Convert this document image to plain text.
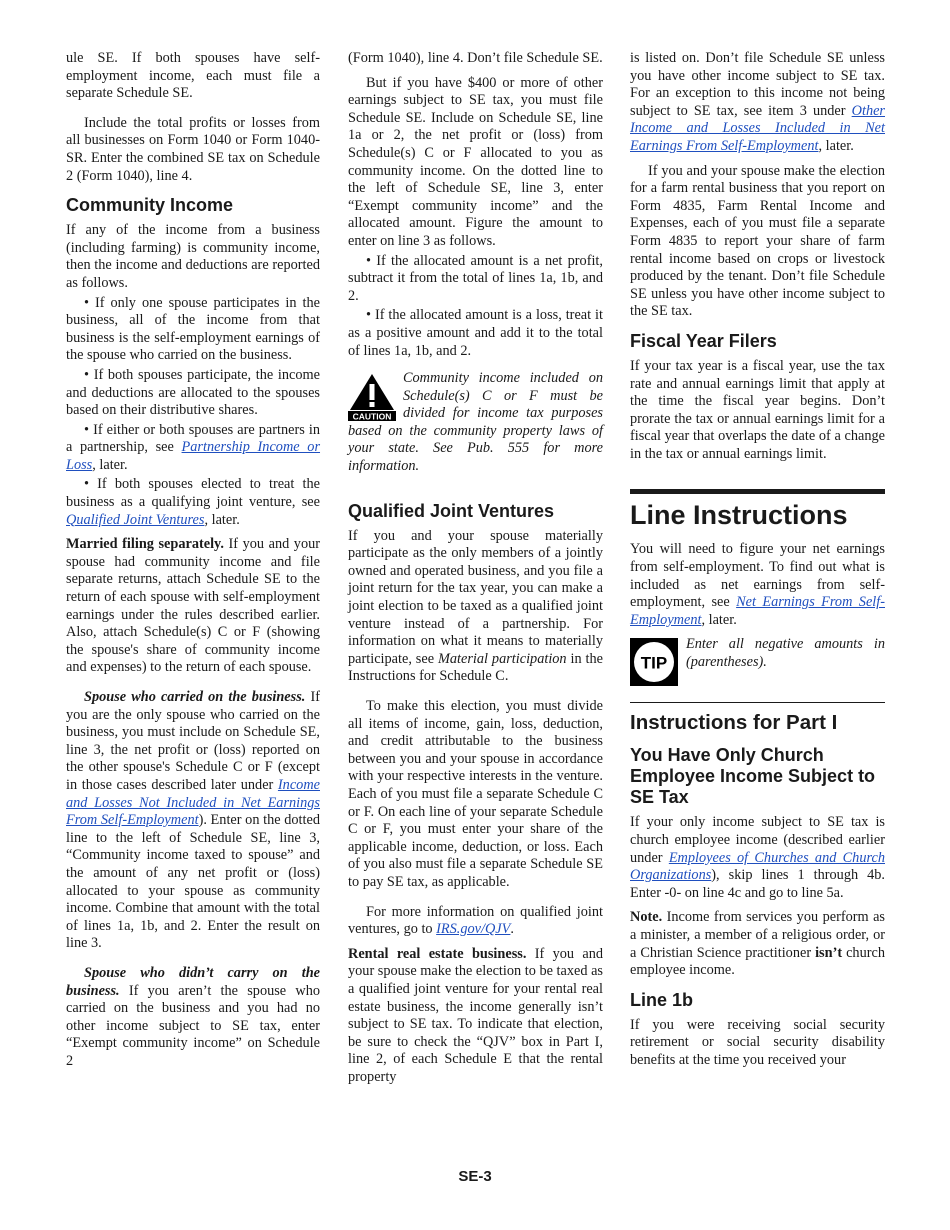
ule SE. If both spouses have self-employment income, each must file a separate Schedule SE.

Include the total profits or losses from all businesses on Form 1040 or Form 1040-SR. Enter the combined SE tax on Schedule 2 (Form 1040), line 4.

Community Income

If any of the income from a business (including farming) is community income, then the income and deductions are reported as follows.

• If only one spouse participates in the business, all of the income from that business is the self-employment earnings of the spouse who carried on the business.

• If both spouses participate, the income and deductions are allocated to the spouses based on their distributive shares.

• If either or both spouses are partners in a partnership, see Partnership Income or Loss, later.

• If both spouses elected to treat the business as a qualifying joint venture, see Qualified Joint Ventures, later.

Married filing separately. If you and your spouse had community income and file separate returns, attach Schedule SE to the return of each spouse with self-employment earnings under the rules described earlier. Also, attach Schedule(s) C or F (showing the spouse's share of community income and expenses) to the return of each spouse.

Spouse who carried on the business. If you are the only spouse who carried on the business, you must include on Schedule SE, line 3, the net profit or (loss) reported on the other spouse's Schedule C or F (except in those cases described later under Income and Losses Not Included in Net Earnings From Self-Employment). Enter on the dotted line to the left of Schedule SE, line 3, “Community income taxed to spouse” and the amount of any net profit or (loss) allocated to your spouse as community income. Combine that amount with the total of lines 1a, 1b, and 2. Enter the result on line 3.

Spouse who didn’t carry on the business. If you aren’t the spouse who carried on the business and you had no other income subject to SE tax, enter “Exempt community income” on Schedule 2

(Form 1040), line 4. Don’t file Schedule SE.

But if you have $400 or more of other earnings subject to SE tax, you must file Schedule SE. Include on Schedule SE, line 1a or 2, the net profit or (loss) from Schedule(s) C or F allocated to you as community income. On the dotted line to the left of Schedule SE, line 3, enter “Exempt community income” and the allocated amount. Figure the amount to enter on line 3 as follows.

• If the allocated amount is a net profit, subtract it from the total of lines 1a, 1b, and 2.

• If the allocated amount is a loss, treat it as a positive amount and add it to the total of lines 1a, 1b, and 2.

CAUTION

Community income included on Schedule(s) C or F must be divided for income tax purposes based on the community property laws of your state. See Pub. 555 for more information.

Qualified Joint Ventures

If you and your spouse materially participate as the only members of a jointly owned and operated business, and you file a joint return for the tax year, you can make a joint election to be taxed as a qualified joint venture instead of a partnership. For information on what it means to materially participate, see Material participation in the Instructions for Schedule C.

To make this election, you must divide all items of income, gain, loss, deduction, and credit attributable to the business between you and your spouse in accordance with your respective interests in the venture. Each of you must file a separate Schedule C or F. On each line of your separate Schedule C or F, you must enter your share of the applicable income, deduction, or loss. Each of you also must file a separate Schedule SE to pay SE tax, as applicable.

For more information on qualified joint ventures, go to IRS.gov/QJV.

Rental real estate business. If you and your spouse make the election to be taxed as a qualified joint venture for your rental real estate business, the income generally isn’t subject to SE tax. To indicate that election, be sure to check the “QJV” box in Part I, line 2, of each Schedule E that the rental property

is listed on. Don’t file Schedule SE unless you have other income subject to SE tax. For an exception to this income not being subject to SE tax, see item 3 under Other Income and Losses Included in Net Earnings From Self-Employment, later.

If you and your spouse make the election for a farm rental business that you report on Form 4835, Farm Rental Income and Expenses, each of you must file a separate Form 4835 to report your share of farm rental income based on crops or livestock produced by the tenant. Don’t file Schedule SE unless you have other income subject to the SE tax.

Fiscal Year Filers

If your tax year is a fiscal year, use the tax rate and annual earnings limit that apply at the time the fiscal year begins. Don’t prorate the tax or annual earnings limit for a fiscal year that overlaps the date of a change in the tax or annual earnings limit.

Line Instructions

You will need to figure your net earnings from self-employment. To find out what is included as net earnings from self-employment, see Net Earnings From Self-Employment, later.

TIP

Enter all negative amounts in (parentheses).

Instructions for Part I
You Have Only Church Employee Income Subject to SE Tax

If your only income subject to SE tax is church employee income (described earlier under Employees of Churches and Church Organizations), skip lines 1 through 4b. Enter -0- on line 4c and go to line 5a.

Note. Income from services you perform as a minister, a member of a religious order, or a Christian Science practitioner isn’t church employee income.

Line 1b

If you were receiving social security retirement or social security disability benefits at the time you received your

SE-3
